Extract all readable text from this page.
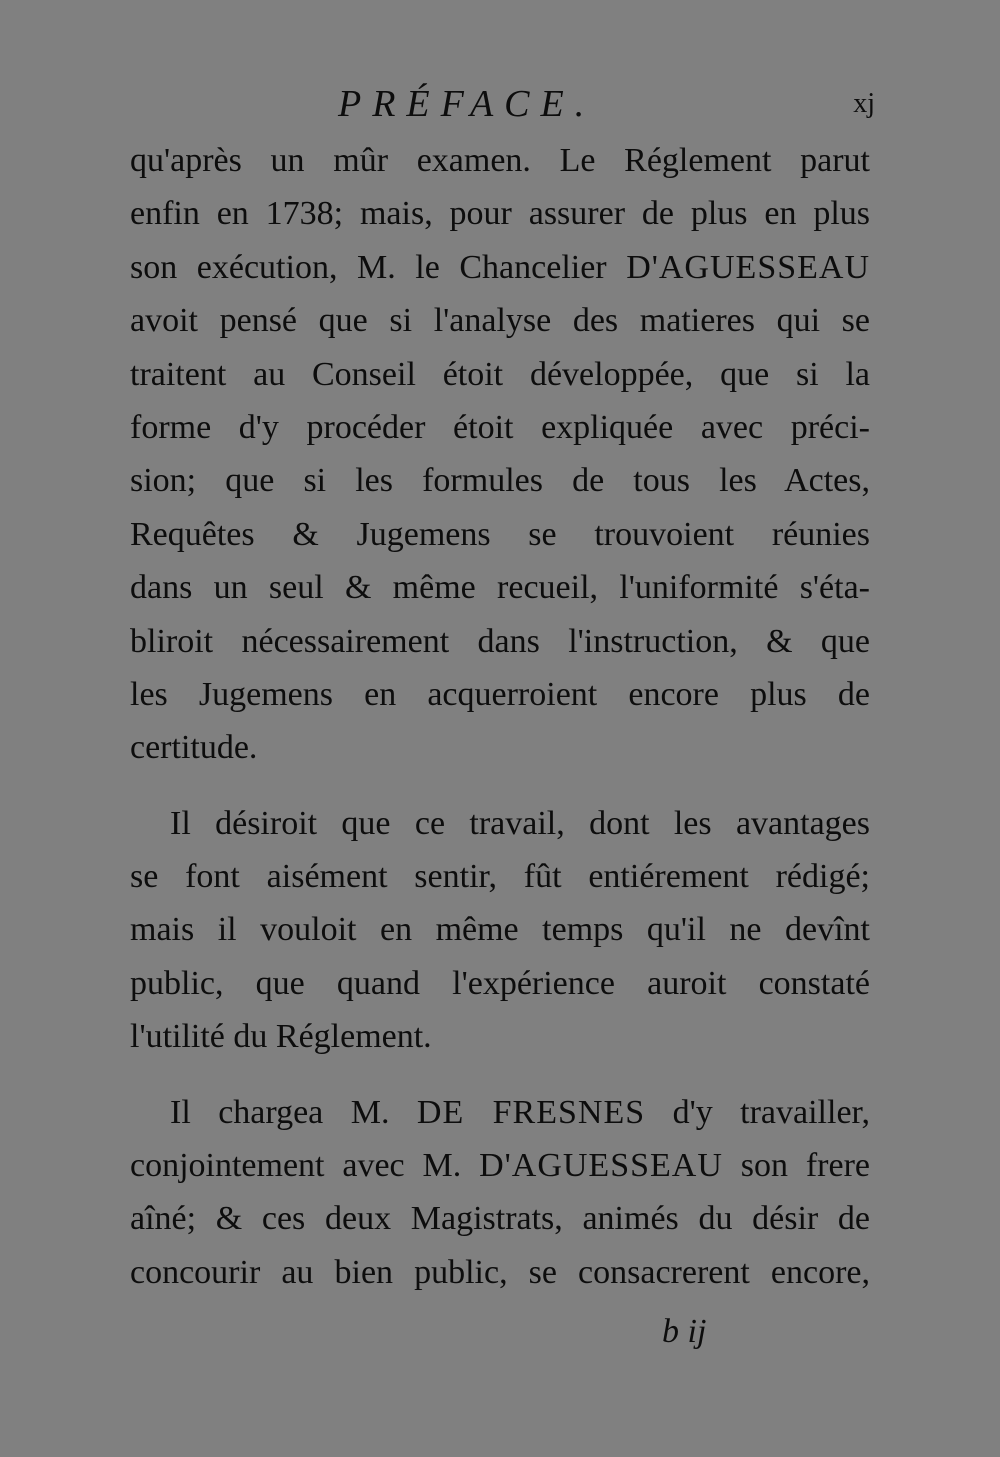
PRÉFACE.	xj
qu'après un mûr examen. Le Réglement parut
enfin en 1738; mais, pour assurer de plus en plus
son exécution, M. le Chancelier D'AGUESSEAU
avoit pensé que si l'analyse des matieres qui se
traitent au Conseil étoit développée, que si la
forme d'y procéder étoit expliquée avec préci-
sion; que si les formules de tous les Actes,
Requêtes & Jugemens se trouvoient réunies
dans un seul & même recueil, l'uniformité s'éta-
bliroit nécessairement dans l'instruction, & que
les Jugemens en acquerroient encore plus de
certitude.
Il désiroit que ce travail, dont les avantages
se font aisément sentir, fût entiérement rédigé;
mais il vouloit en même temps qu'il ne devînt
public, que quand l'expérience auroit constaté
l'utilité du Réglement.
Il chargea M. DE FRESNES d'y travailler,
conjointement avec M. D'AGUESSEAU son frere
aîné; & ces deux Magistrats, animés du désir de
concourir au bien public, se consacrerent encore,
b ij
